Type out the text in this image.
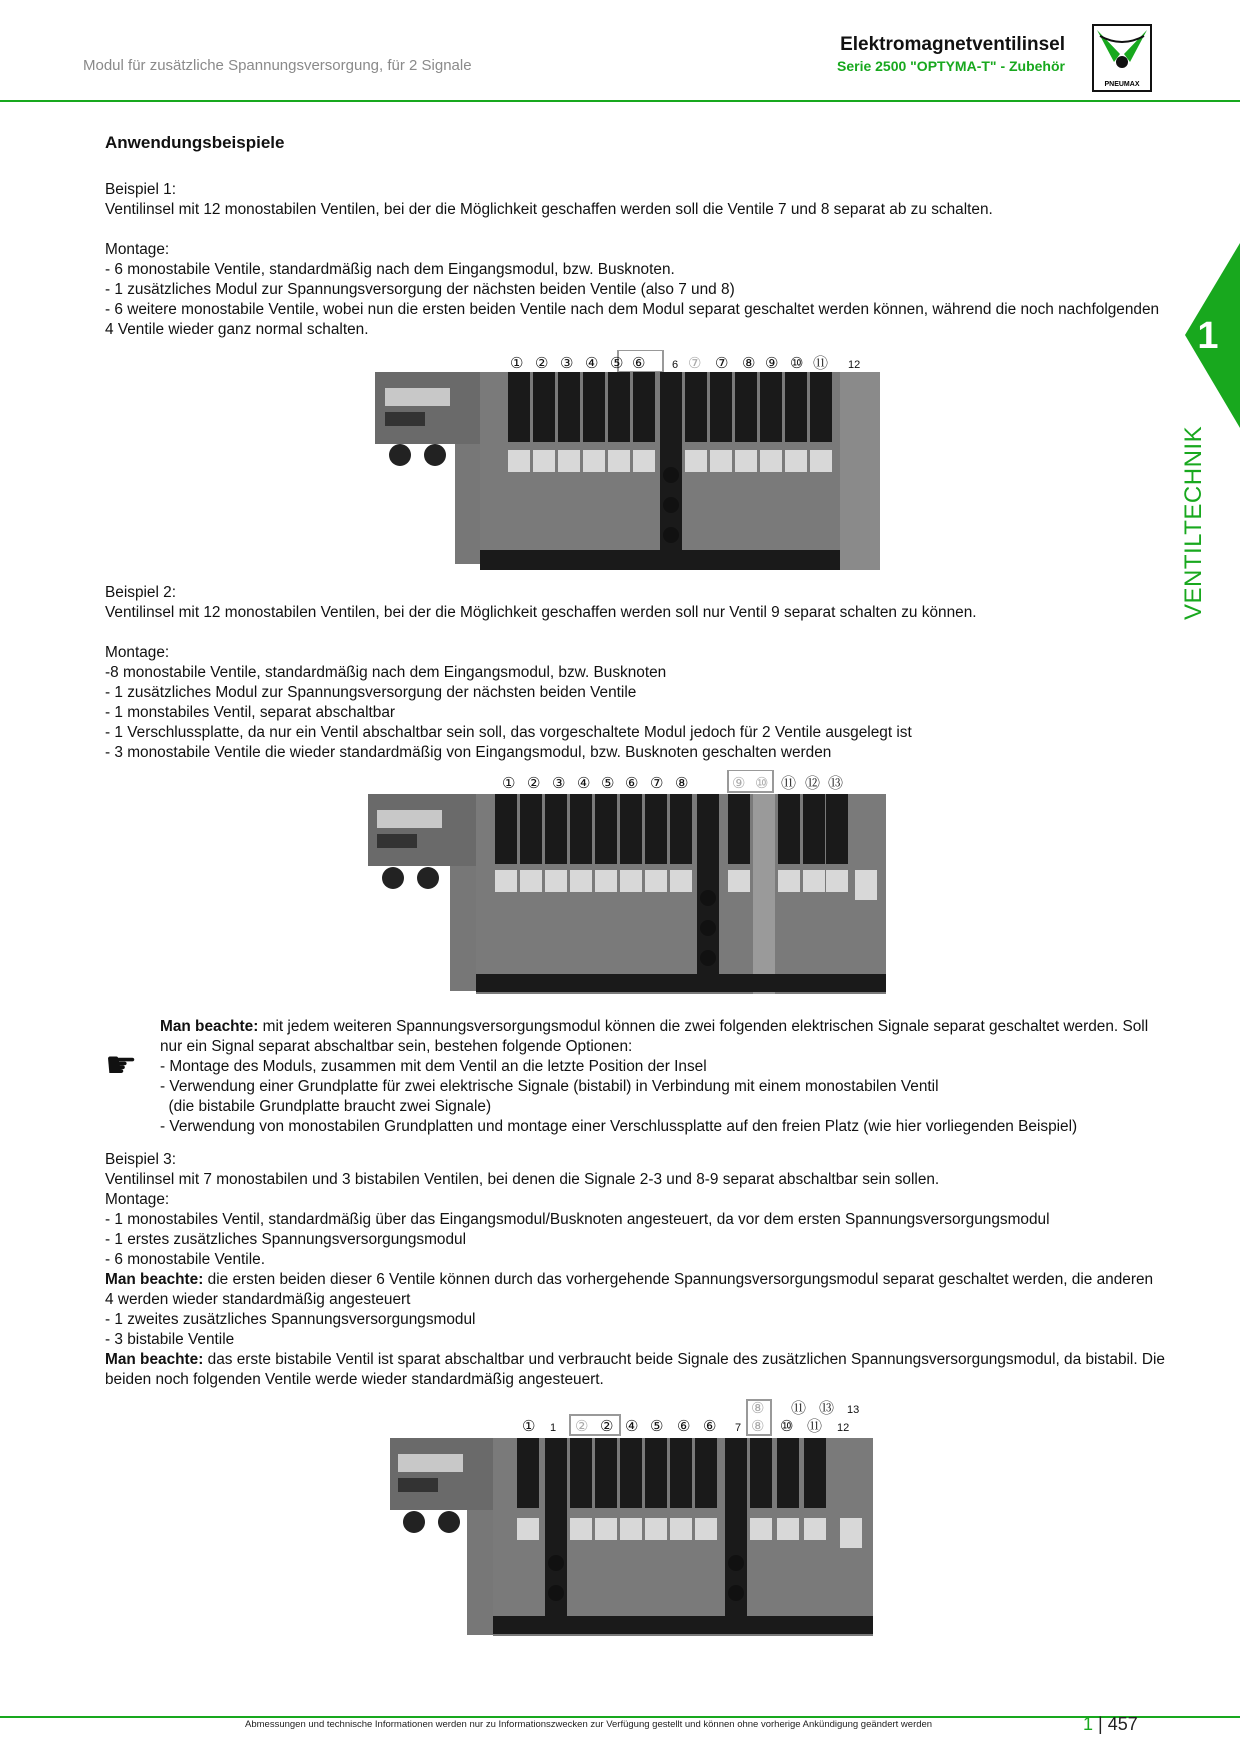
Modul für zusätzliche Spannungsversorgung, für 2 Signale
Elektromagnetventilinsel
Serie 2500 "OPTYMA-T" - Zubehör
PNEUMAX
1
VENTILTECHNIK
Anwendungsbeispiele

Beispiel 1:

Ventilinsel mit 12 monostabilen Ventilen, bei der die Möglichkeit geschaffen werden soll die Ventile 7 und 8 separat ab zu schalten.

Montage:

- 6 monostabile Ventile, standardmäßig nach dem Eingangsmodul, bzw. Busknoten.

- 1 zusätzliches Modul zur Spannungsversorgung der nächsten beiden Ventile (also 7 und 8)

- 6 weitere monostabile Ventile, wobei nun die ersten beiden Ventile nach dem Modul separat geschaltet werden können, während die noch nachfolgenden 4 Ventile wieder ganz normal schalten.

① ② ③ ④ ⑤ ⑥ 6 ⑦ ⑦ ⑧ ⑨ ⑩ ⑪ 12

Beispiel 2:

Ventilinsel mit 12 monostabilen Ventilen, bei der die Möglichkeit geschaffen werden soll nur Ventil 9 separat schalten zu können.

Montage:

-8 monostabile Ventile, standardmäßig nach dem Eingangsmodul, bzw. Busknoten

- 1 zusätzliches Modul zur Spannungsversorgung der nächsten beiden Ventile

- 1 monstabiles Ventil, separat abschaltbar

- 1 Verschlussplatte, da nur ein Ventil abschaltbar sein soll, das vorgeschaltete Modul jedoch für 2 Ventile ausgelegt ist

- 3 monostabile Ventile die wieder standardmäßig von Eingangsmodul, bzw. Busknoten geschalten werden

① ② ③ ④ ⑤ ⑥ ⑦ ⑧	⑨ ⑩ ⑪ ⑫ ⑬
☛

Man beachte: mit jedem weiteren Spannungsversorgungsmodul können die zwei folgenden elektrischen Signale separat geschaltet werden. Soll nur ein Signal separat abschaltbar sein, bestehen folgende Optionen:

- Montage des Moduls, zusammen mit dem Ventil an die letzte Position der Insel

- Verwendung einer Grundplatte für zwei elektrische Signale (bistabil) in Verbindung mit einem monostabilen Ventil

(die bistabile Grundplatte braucht zwei Signale)

- Verwendung von monostabilen Grundplatten und montage einer Verschlussplatte auf den freien Platz (wie hier vorliegenden Beispiel)

Beispiel 3:

Ventilinsel mit 7 monostabilen und 3 bistabilen Ventilen, bei denen die Signale 2-3 und 8-9 separat abschaltbar sein sollen.

Montage:

- 1 monostabiles Ventil, standardmäßig über das Eingangsmodul/Busknoten angesteuert, da vor dem ersten Spannungsversorgungsmodul

- 1 erstes zusätzliches Spannungsversorgungsmodul

- 6 monostabile Ventile.

Man beachte: die ersten beiden dieser 6 Ventile können durch das vorhergehende Spannungsversorgungsmodul separat geschaltet werden, die anderen 4 werden wieder standardmäßig angesteuert

- 1 zweites zusätzliches Spannungsversorgungsmodul

- 3 bistabile Ventile

Man beachte: das erste bistabile Ventil ist sparat abschaltbar und verbraucht beide Signale des zusätzlichen Spannungsversorgungsmodul, da bistabil. Die beiden noch folgenden Ventile werde wieder standardmäßig angesteuert.

⑧ ⑪ ⑬ 13
① 1 ② ② ④ ⑤ ⑥ ⑥ 7 ⑧ ⑩ ⑪ 12
Abmessungen und technische Informationen werden nur zu Informationszwecken zur Verfügung gestellt und können ohne vorherige Ankündigung geändert werden	1 | 457
